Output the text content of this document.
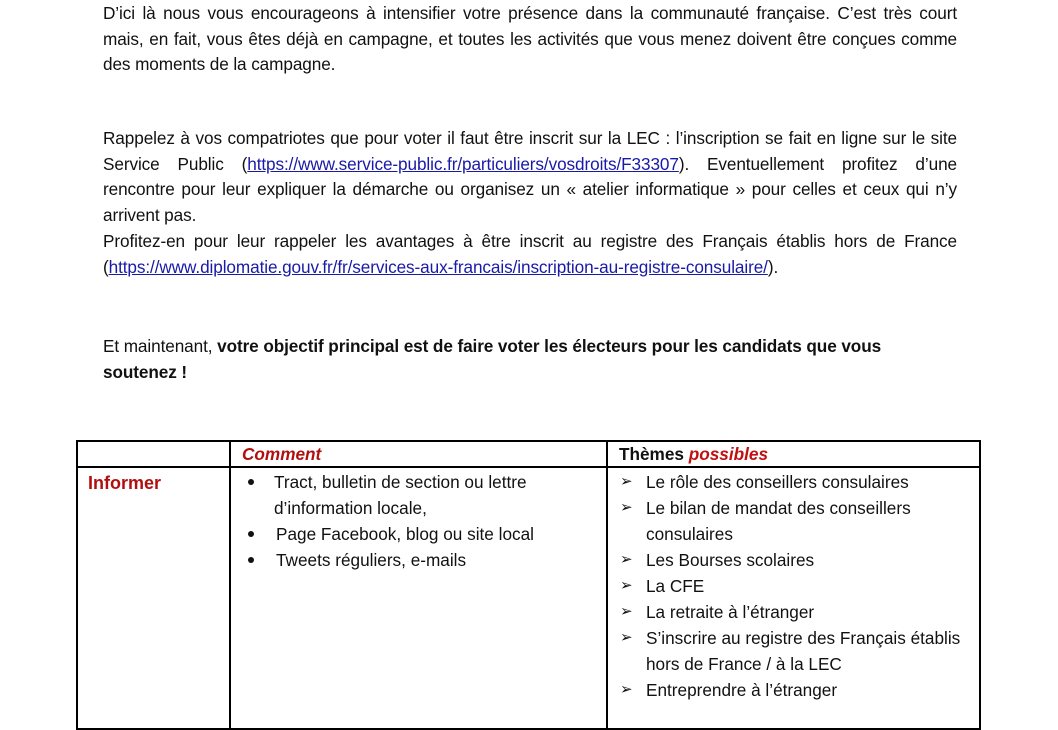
D’ici là nous vous encourageons à intensifier votre présence dans la communauté française. C’est très court mais, en fait, vous êtes déjà en campagne, et toutes les activités que vous menez doivent être conçues comme des moments de la campagne.

Rappelez à vos compatriotes que pour voter il faut être inscrit sur la LEC : l’inscription se fait en ligne sur le site Service Public (https://www.service-public.fr/particuliers/vosdroits/F33307). Eventuellement profitez d’une rencontre pour leur expliquer la démarche ou organisez un « atelier informatique » pour celles et ceux qui n’y arrivent pas.

Profitez-en pour leur rappeler les avantages à être inscrit au registre des Français établis hors de France (https://www.diplomatie.gouv.fr/fr/services-aux-francais/inscription-au-registre-consulaire/).

Et maintenant, votre objectif principal est de faire voter les électeurs pour les candidats que vous soutenez !

Comment	Thèmes possibles
Informer	Tract, bulletin de section ou lettre d’information locale,
Page Facebook, blog ou site local
Tweets réguliers, e-mails
➢ Le rôle des conseillers consulaires
➢ Le bilan de mandat des conseillers consulaires
➢ Les Bourses scolaires
➢ La CFE
➢ La retraite à l’étranger
➢ S’inscrire au registre des Français établis hors de France / à la LEC
➢ Entreprendre à l’étranger
